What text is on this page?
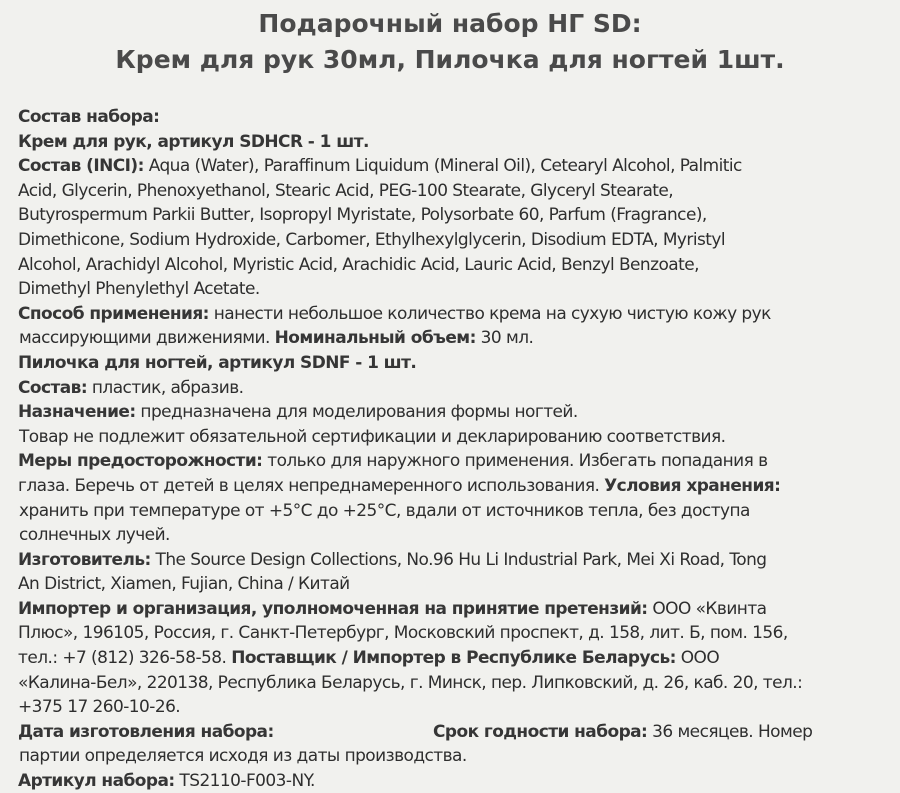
Подарочный набор НГ SD:
Крем для рук 30мл, Пилочка для ногтей 1шт.
Состав набора:
Крем для рук, артикул SDHCR - 1 шт.
Состав (INCI): Aqua (Water), Paraffinum Liquidum (Mineral Oil), Cetearyl Alcohol, Palmitic
Acid, Glycerin, Phenoxyethanol, Stearic Acid, PEG-100 Stearate, Glyceryl Stearate,
Butyrospermum Parkii Butter, Isopropyl Myristate, Polysorbate 60, Parfum (Fragrance),
Dimethicone, Sodium Hydroxide, Carbomer, Ethylhexylglycerin, Disodium EDTA, Myristyl
Alcohol, Arachidyl Alcohol, Myristic Acid, Arachidic Acid, Lauric Acid, Benzyl Benzoate,
Dimethyl Phenylethyl Acetate.
Способ применения: нанести небольшое количество крема на сухую чистую кожу рук
массирующими движениями. Номинальный объем: 30 мл.
Пилочка для ногтей, артикул SDNF - 1 шт.
Состав: пластик, абразив.
Назначение: предназначена для моделирования формы ногтей.
Товар не подлежит обязательной сертификации и декларированию соответствия.
Меры предосторожности: только для наружного применения. Избегать попадания в
глаза. Беречь от детей в целях непреднамеренного использования. Условия хранения:
хранить при температуре от +5°C до +25°C, вдали от источников тепла, без доступа
солнечных лучей.
Изготовитель: The Source Design Collections, No.96 Hu Li Industrial Park, Mei Xi Road, Tong
An District, Xiamen, Fujian, China / Китай
Импортер и организация, уполномоченная на принятие претензий: ООО «Квинта
Плюс», 196105, Россия, г. Санкт-Петербург, Московский проспект, д. 158, лит. Б, пом. 156,
тел.: +7 (812) 326-58-58. Поставщик / Импортер в Республике Беларусь: ООО
«Калина-Бел», 220138, Республика Беларусь, г. Минск, пер. Липковский, д. 26, каб. 20, тел.:
+375 17 260-10-26.
Дата изготовления набора:	Срок годности набора: 36 месяцев. Номер
партии определяется исходя из даты производства.
Артикул набора: TS2110-F003-NY.
